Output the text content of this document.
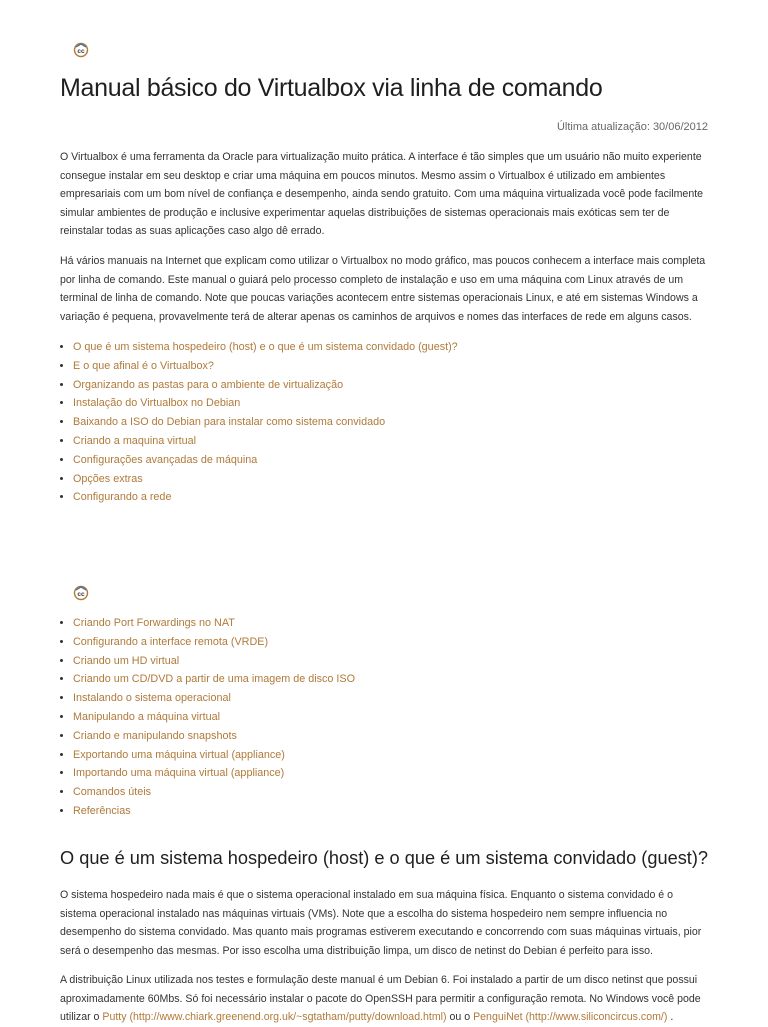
cc
Manual básico do Virtualbox via linha de comando
Última atualização: 30/06/2012

O Virtualbox é uma ferramenta da Oracle para virtualização muito prática. A interface é tão simples que um usuário não muito experiente consegue instalar em seu desktop e criar uma máquina em poucos minutos. Mesmo assim o Virtualbox é utilizado em ambientes empresariais com um bom nível de confiança e desempenho, ainda sendo gratuito. Com uma máquina virtualizada você pode facilmente simular ambientes de produção e inclusive experimentar aquelas distribuições de sistemas operacionais mais exóticas sem ter de reinstalar todas as suas aplicações caso algo dê errado.

Há vários manuais na Internet que explicam como utilizar o Virtualbox no modo gráfico, mas poucos conhecem a interface mais completa por linha de comando. Este manual o guiará pelo processo completo de instalação e uso em uma máquina com Linux através de um terminal de linha de comando. Note que poucas variações acontecem entre sistemas operacionais Linux, e até em sistemas Windows a variação é pequena, provavelmente terá de alterar apenas os caminhos de arquivos e nomes das interfaces de rede em alguns casos.

• O que é um sistema hospedeiro (host) e o que é um sistema convidado (guest)?
• E o que afinal é o Virtualbox?
• Organizando as pastas para o ambiente de virtualização
• Instalação do Virtualbox no Debian
• Baixando a ISO do Debian para instalar como sistema convidado
• Criando a maquina virtual
• Configurações avançadas de máquina
• Opções extras
• Configurando a rede
cc
• Criando Port Forwardings no NAT
• Configurando a interface remota (VRDE)
• Criando um HD virtual
• Criando um CD/DVD a partir de uma imagem de disco ISO
• Instalando o sistema operacional
• Manipulando a máquina virtual
• Criando e manipulando snapshots
• Exportando uma máquina virtual (appliance)
• Importando uma máquina virtual (appliance)
• Comandos úteis
• Referências
O que é um sistema hospedeiro (host) e o que é um sistema convidado (guest)?

O sistema hospedeiro nada mais é que o sistema operacional instalado em sua máquina física. Enquanto o sistema convidado é o sistema operacional instalado nas máquinas virtuais (VMs). Note que a escolha do sistema hospedeiro nem sempre influencia no desempenho do sistema convidado. Mas quanto mais programas estiverem executando e concorrendo com suas máquinas virtuais, pior será o desempenho das mesmas. Por isso escolha uma distribuição limpa, um disco de netinst do Debian é perfeito para isso.

A distribuição Linux utilizada nos testes e formulação deste manual é um Debian 6. Foi instalado a partir de um disco netinst que possui aproximadamente 60Mbs. Só foi necessário instalar o pacote do OpenSSH para permitir a configuração remota. No Windows você pode utilizar o Putty (http://www.chiark.greenend.org.uk/~sgtatham/putty/download.html) ou o PenguiNet (http://www.siliconcircus.com/) .
